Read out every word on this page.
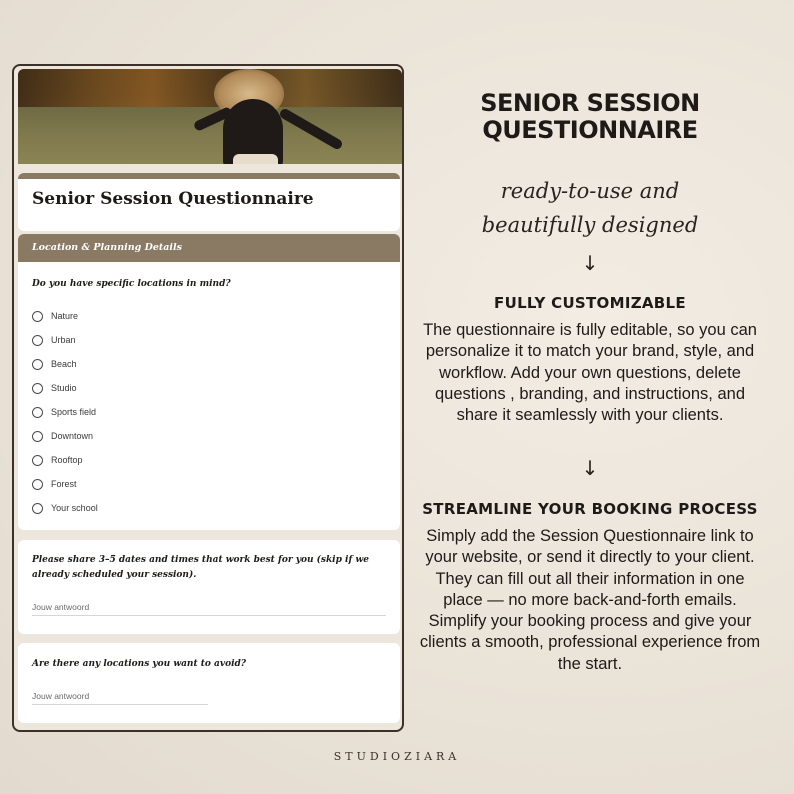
Senior Session Questionnaire
Location & Planning Details
Do you have specific locations in mind?
Nature
Urban
Beach
Studio
Sports field
Downtown
Rooftop
Forest
Your school
Please share 3–5 dates and times that work best for you (skip if we already scheduled your session).
Jouw antwoord
Are there any locations you want to avoid?
Jouw antwoord
SENIOR SESSION
QUESTIONNAIRE
ready-to-use and
beautifully designed
↓
FULLY CUSTOMIZABLE
The questionnaire is fully editable, so you can personalize it to match your brand, style, and workflow. Add your own questions, delete questions , branding, and instructions, and share it seamlessly with your clients.
↓
STREAMLINE YOUR BOOKING PROCESS
Simply add the Session Questionnaire link to your website, or send it directly to your client. They can fill out all their information in one place — no more back-and-forth emails. Simplify your booking process and give your clients a smooth, professional experience from the start.
STUDIOZIARA
